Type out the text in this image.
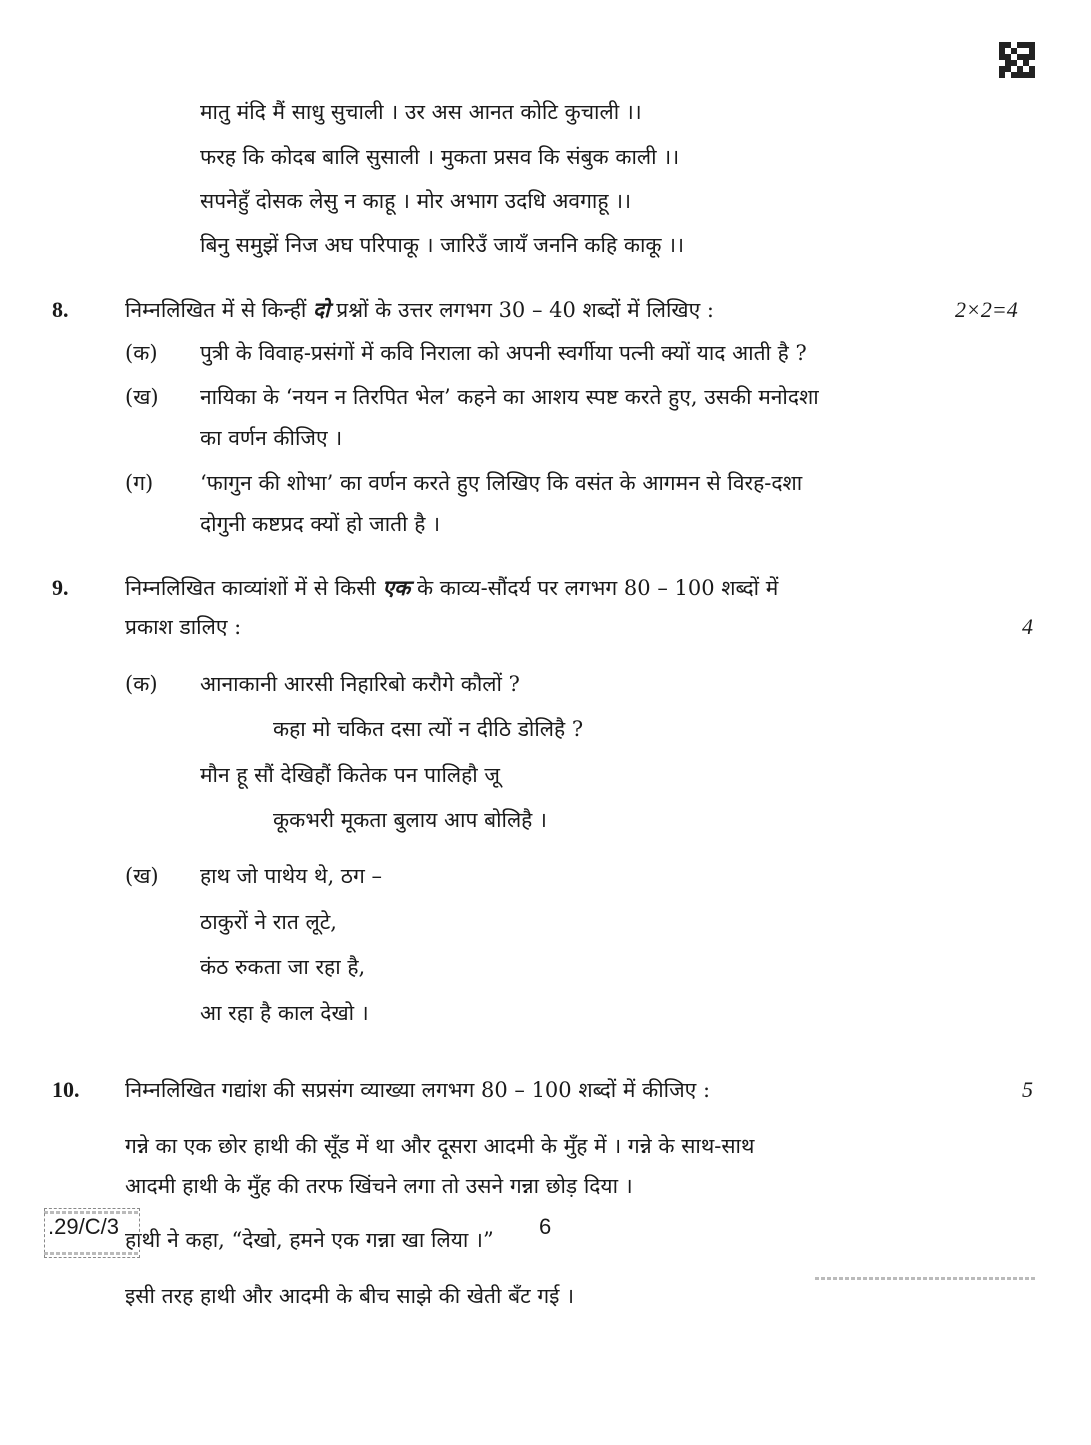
मातु मंदि मैं साधु सुचाली । उर अस आनत कोटि कुचाली ।।
फरह कि कोदब बालि सुसाली । मुकता प्रसव कि संबुक काली ।।
सपनेहुँ दोसक लेसु न काहू । मोर अभाग उदधि अवगाहू ।।
बिनु समुझें निज अघ परिपाकू । जारिउँ जायँ जननि कहि काकू ।।
8.	निम्नलिखित में से किन्हीं दो प्रश्नों के उत्तर लगभग 30 – 40 शब्दों में लिखिए :	2×2=4
(क) पुत्री के विवाह-प्रसंगों में कवि निराला को अपनी स्वर्गीया पत्नी क्यों याद आती है ?
(ख) नायिका के ‘नयन न तिरपित भेल’ कहने का आशय स्पष्ट करते हुए, उसकी मनोदशा
का वर्णन कीजिए ।
(ग) ‘फागुन की शोभा’ का वर्णन करते हुए लिखिए कि वसंत के आगमन से विरह-दशा
दोगुनी कष्टप्रद क्यों हो जाती है ।
9.	निम्नलिखित काव्यांशों में से किसी एक के काव्य-सौंदर्य पर लगभग 80 – 100 शब्दों में
प्रकाश डालिए :	4
(क) आनाकानी आरसी निहारिबो करौगे कौलों ?
कहा मो चकित दसा त्यों न दीठि डोलिहै ?
मौन हू सौं देखिहौं कितेक पन पालिहौ जू
कूकभरी मूकता बुलाय आप बोलिहै ।
(ख) हाथ जो पाथेय थे, ठग –
ठाकुरों ने रात लूटे,
कंठ रुकता जा रहा है,
आ रहा है काल देखो ।
10. निम्नलिखित गद्यांश की सप्रसंग व्याख्या लगभग 80 – 100 शब्दों में कीजिए :	5
गन्ने का एक छोर हाथी की सूँड में था और दूसरा आदमी के मुँह में । गन्ने के साथ-साथ
आदमी हाथी के मुँह की तरफ खिंचने लगा तो उसने गन्ना छोड़ दिया ।
हाथी ने कहा, “देखो, हमने एक गन्ना खा लिया ।”
इसी तरह हाथी और आदमी के बीच साझे की खेती बँट गई ।
.29/C/3	6
